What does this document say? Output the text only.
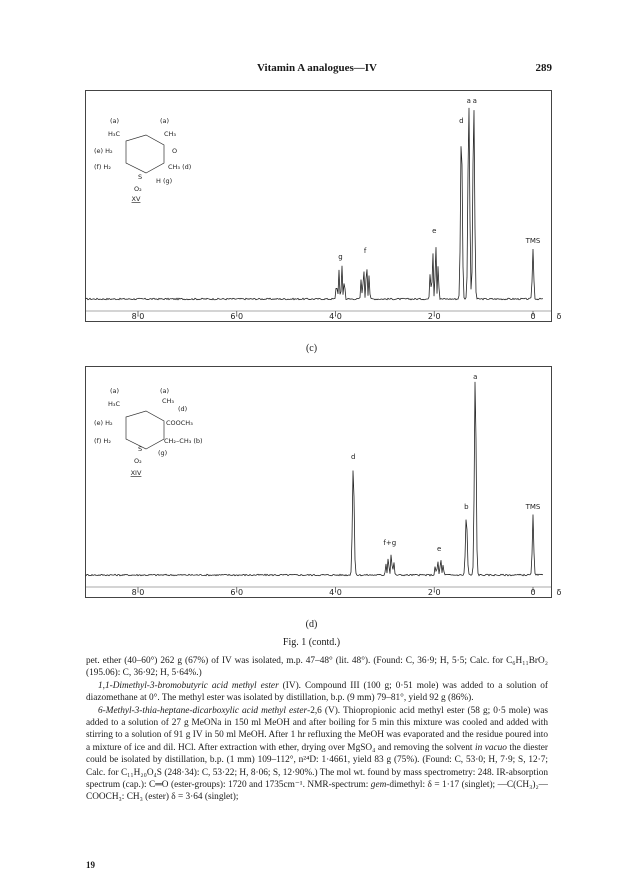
Vitamin A analogues—IV	289
8·0	6·0	4·0	2·0	0	δ
a a
d
e
f
g
TMS
(a)	(a)
H₃C	CH₃
(e) H₂	O
(f) H₂	CH₃ (d)
S H (g)
O₂
XV
(c)
8·0	6·0	4·0	2·0	0	δ
a
b
d
f+g
e
TMS
(a)	(a)
H₃C	CH₃
(d)
(e) H₂	COOCH₃
(f) H₂	CH₂–CH₃ (b)
S (g)
O₂
XIV
(d)
Fig. 1 (contd.)

pet. ether (40–60°) 262 g (67%) of IV was isolated, m.p. 47–48° (lit. 48°). (Found: C, 36·9; H, 5·5; Calc. for C₆H₁₁BrO₂ (195.06): C, 36·92; H, 5·64%.)

1,1-Dimethyl-3-bromobutyric acid methyl ester (IV). Compound III (100 g; 0·51 mole) was added to a solution of diazomethane at 0°. The methyl ester was isolated by distillation, b.p. (9 mm) 79–81°, yield 92 g (86%).

6-Methyl-3-thia-heptane-dicarboxylic acid methyl ester-2,6 (V). Thiopropionic acid methyl ester (58 g; 0·5 mole) was added to a solution of 27 g MeONa in 150 ml MeOH and after boiling for 5 min this mixture was cooled and added with stirring to a solution of 91 g IV in 50 ml MeOH. After 1 hr refluxing the MeOH was evaporated and the residue poured into a mixture of ice and dil. HCl. After extraction with ether, drying over MgSO₄ and removing the solvent in vacuo the diester could be isolated by distillation, b.p. (1 mm) 109–112°, n²⁴D: 1·4661, yield 83 g (75%). (Found: C, 53·0; H, 7·9; S, 12·7; Calc. for C₁₁H₂₀O₄S (248·34): C, 53·22; H, 8·06; S, 12·90%.) The mol wt. found by mass spectrometry: 248. IR-absorption spectrum (cap.): C═O (ester-groups): 1720 and 1735cm⁻¹. NMR-spectrum: gem-dimethyl: δ = 1·17 (singlet); —C(CH₃)₂—COOCH₃: CH₃ (ester) δ = 3·64 (singlet);

19
